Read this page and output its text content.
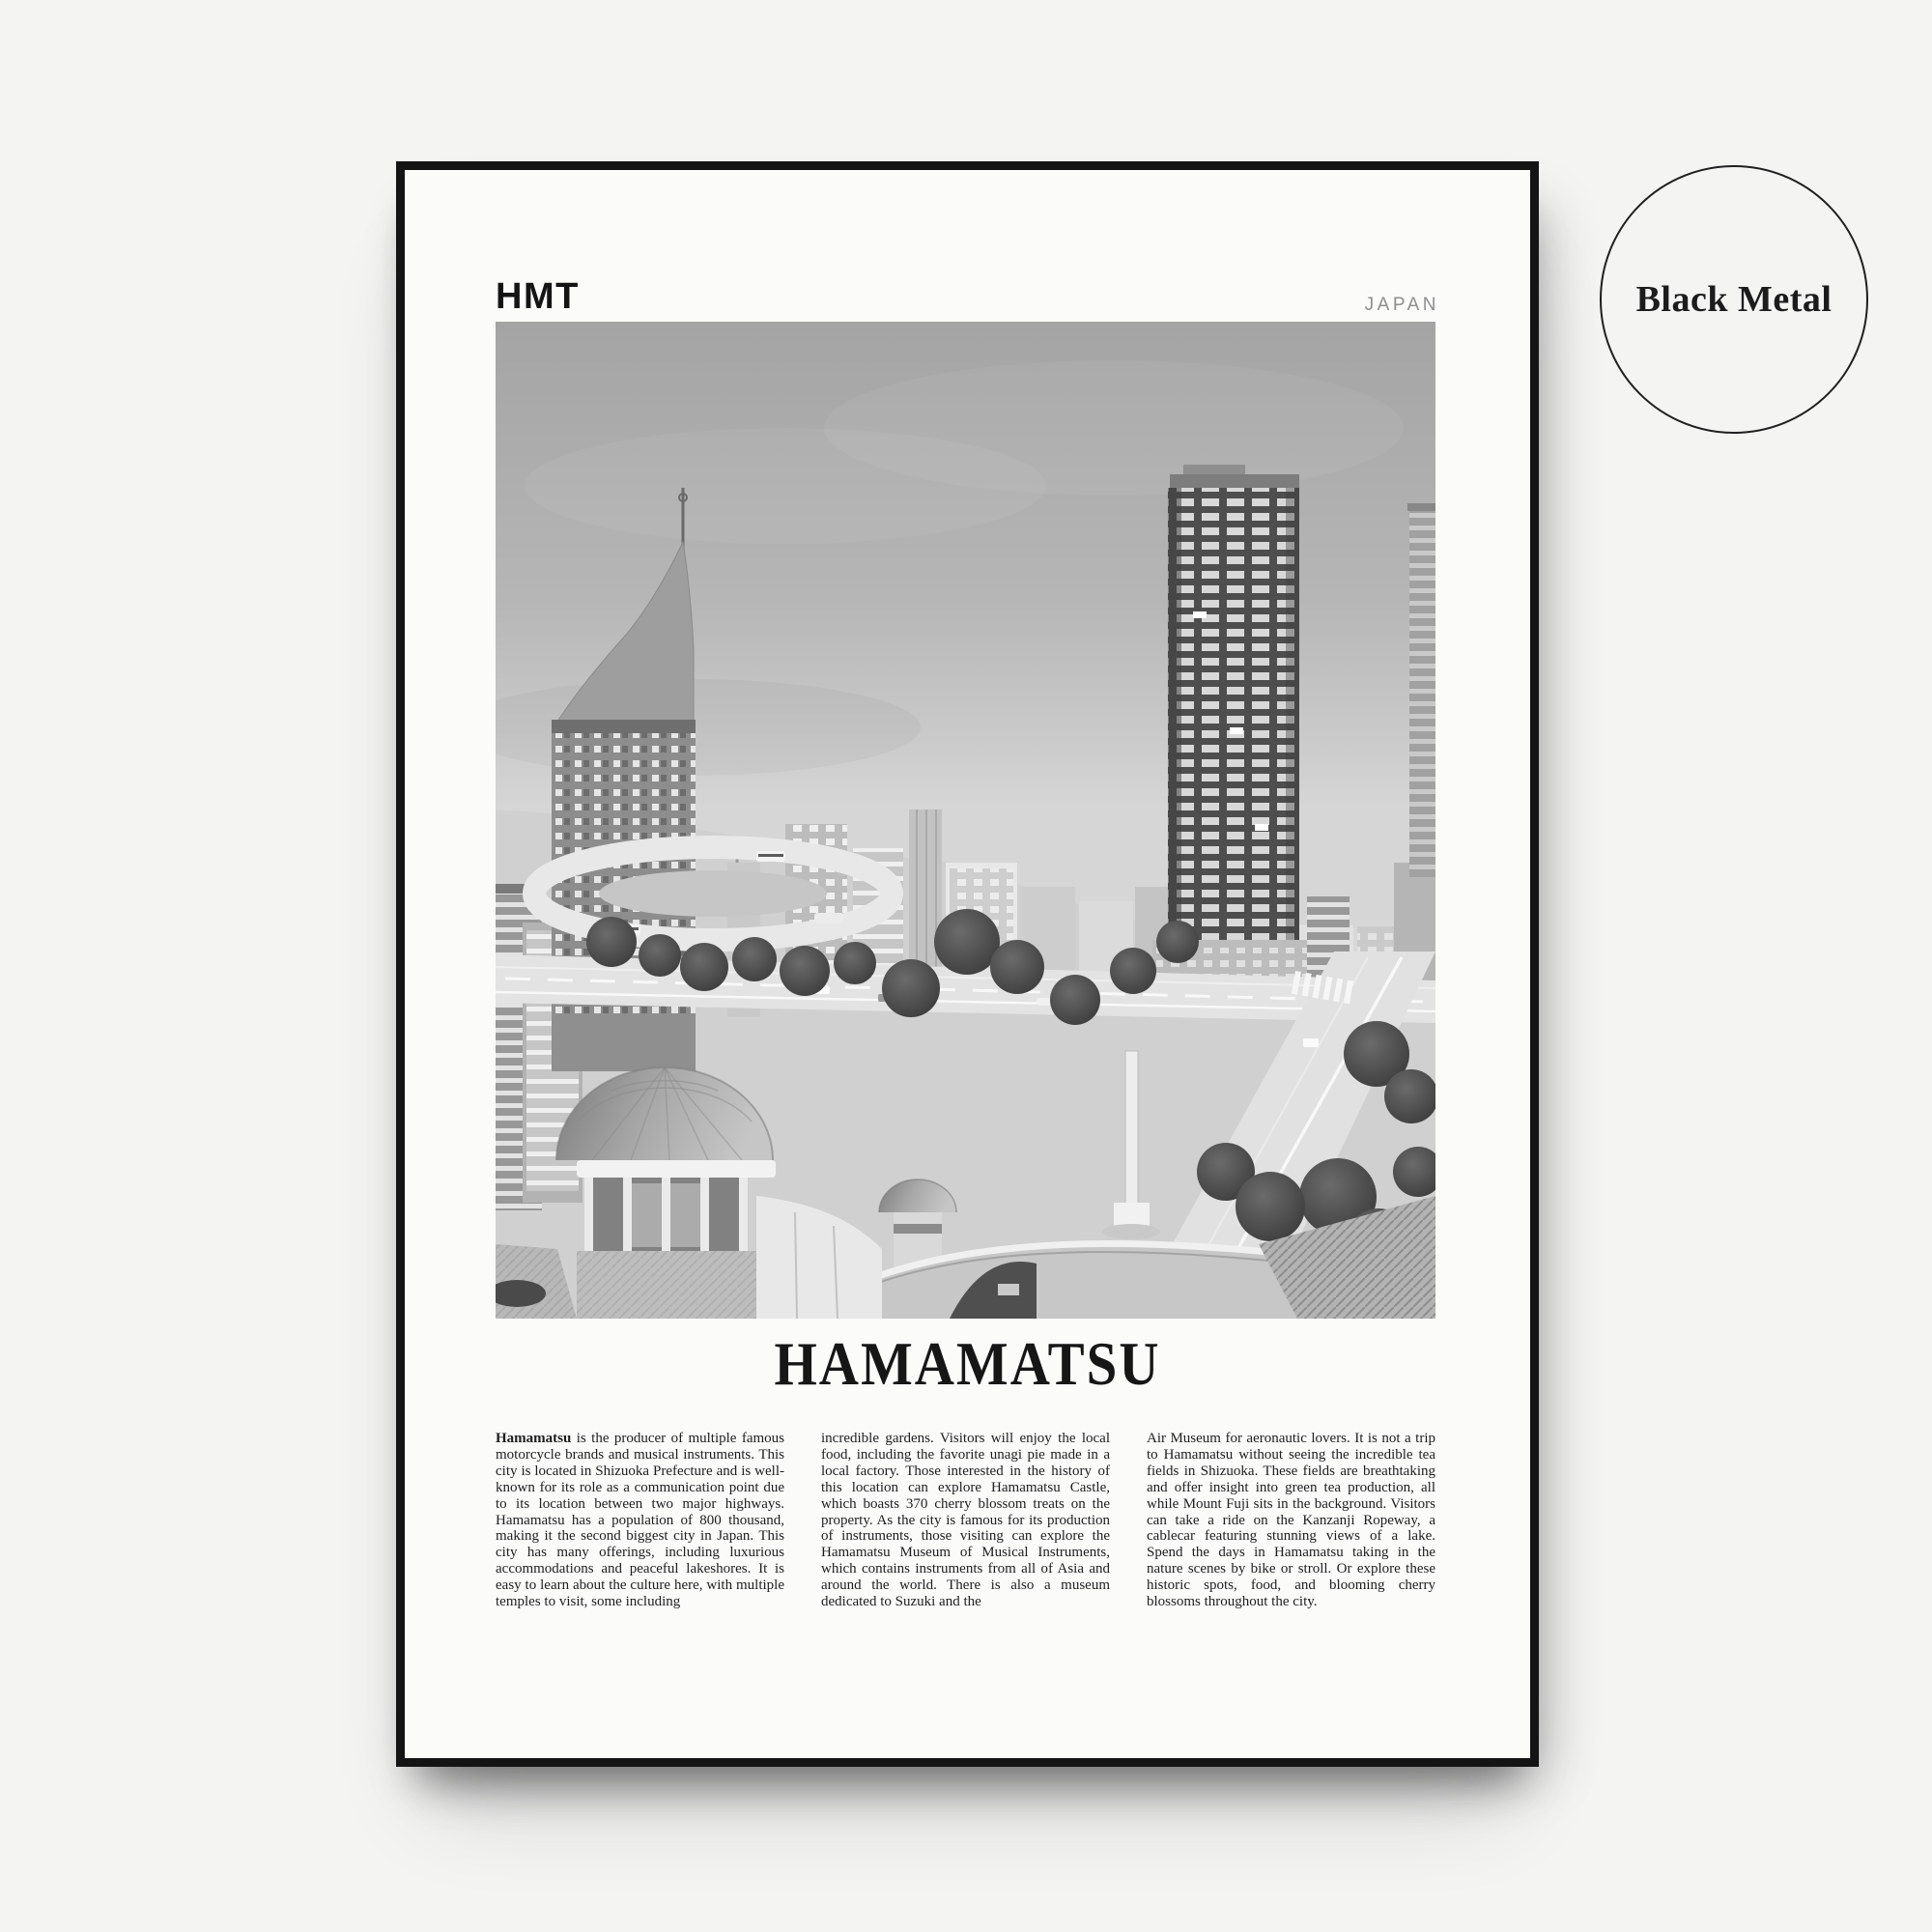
Black Metal
HMT	JAPAN
HAMAMATSU

Hamamatsu is the producer of multiple famous motorcycle brands and musical instruments. This city is located in Shizuoka Prefecture and is well-known for its role as a communication point due to its location between two major highways. Hamamatsu has a population of 800 thousand, making it the second biggest city in Japan. This city has many offerings, including luxurious accommodations and peaceful lakeshores. It is easy to learn about the culture here, with multiple temples to visit, some including

incredible gardens. Visitors will enjoy the local food, including the favorite unagi pie made in a local factory. Those interested in the history of this location can explore Hamamatsu Castle, which boasts 370 cherry blossom treats on the property. As the city is famous for its production of instruments, those visiting can explore the Hamamatsu Museum of Musical Instruments, which contains instruments from all of Asia and around the world. There is also a museum dedicated to Suzuki and the

Air Museum for aeronautic lovers. It is not a trip to Hamamatsu without seeing the incredible tea fields in Shizuoka. These fields are breathtaking and offer insight into green tea production, all while Mount Fuji sits in the background. Visitors can take a ride on the Kanzanji Ropeway, a cablecar featuring stunning views of a lake. Spend the days in Hamamatsu taking in the nature scenes by bike or stroll. Or explore these historic spots, food, and blooming cherry blossoms throughout the city.
